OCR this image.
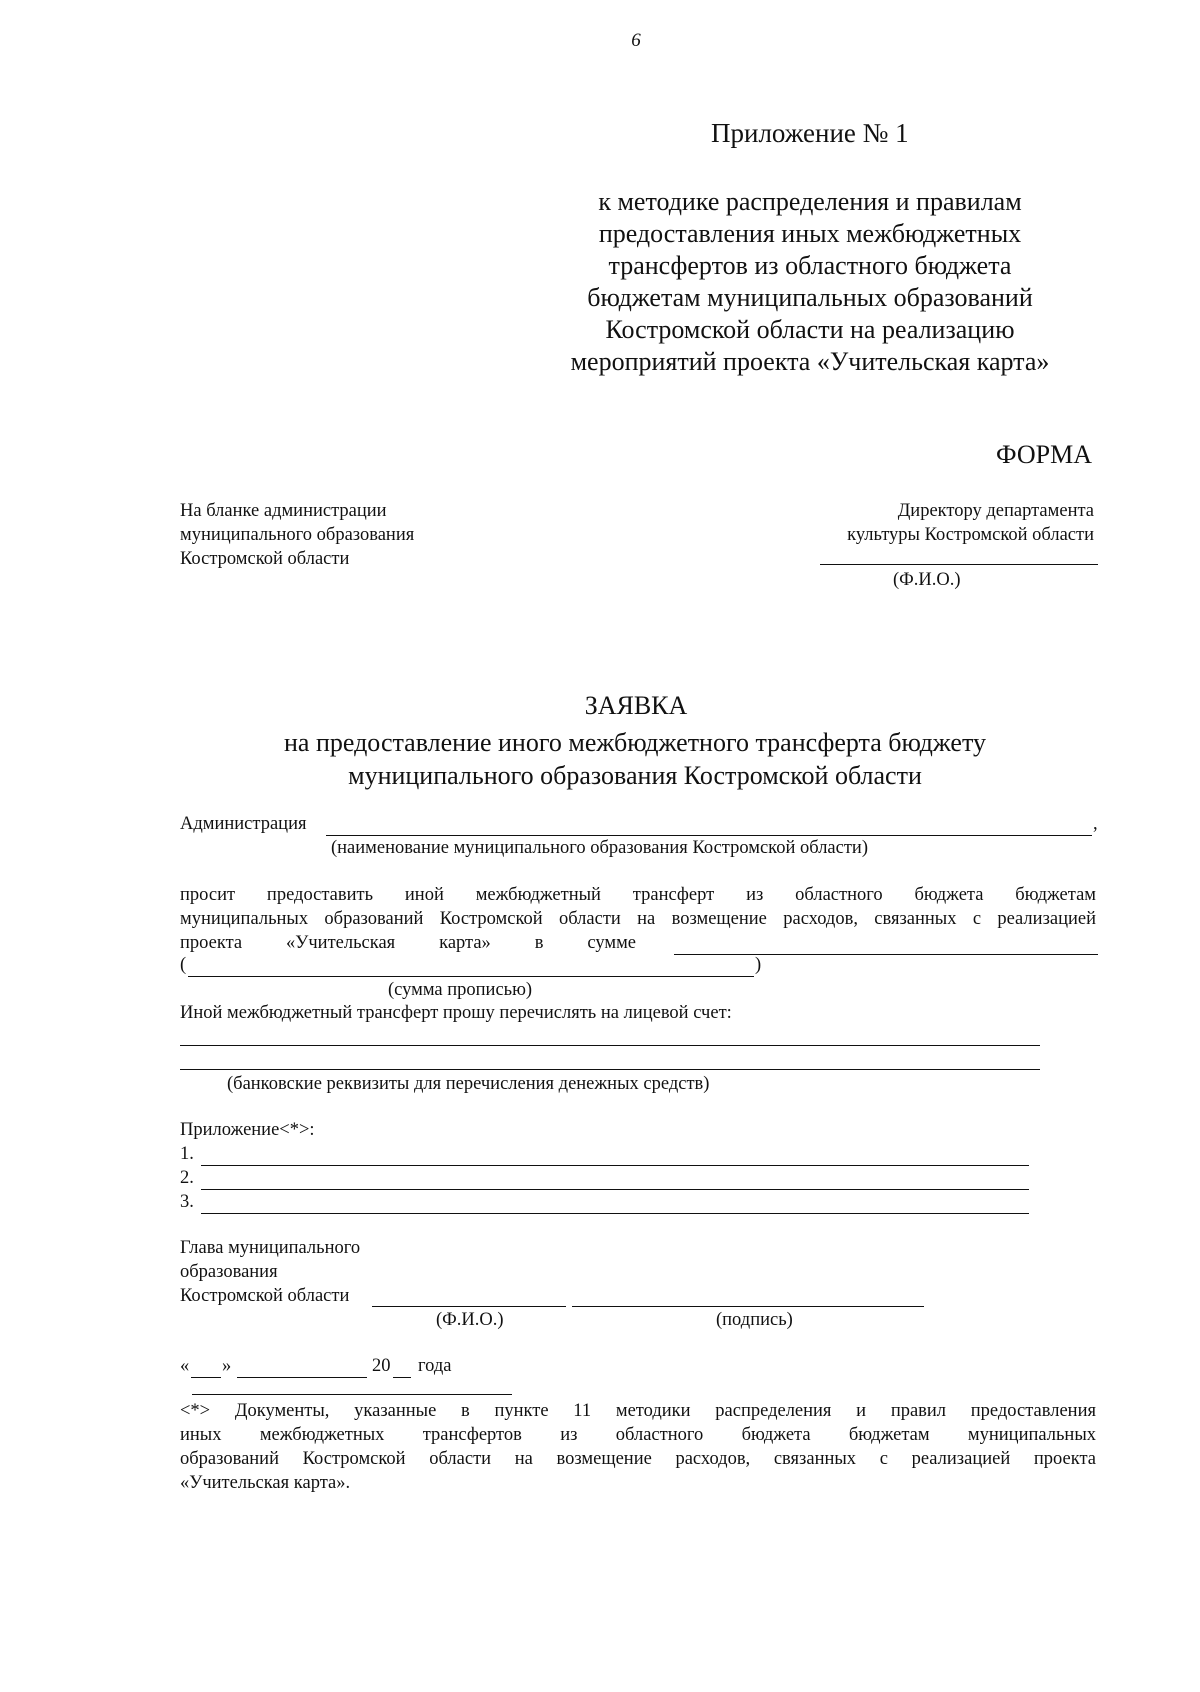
6
Приложение № 1
к методике распределения и правилам
предоставления иных межбюджетных
трансфертов из областного бюджета
бюджетам муниципальных образований
Костромской области на реализацию
мероприятий проекта «Учительская карта»
ФОРМА
На бланке администрации
муниципального образования
Костромской области
Директору департамента
культуры Костромской области
(Ф.И.О.)
ЗАЯВКА
на предоставление иного межбюджетного трансферта бюджету
муниципального образования Костромской области
Администрация	,
(наименование муниципального образования Костромской области)
просит предоставить иной межбюджетный трансферт из областного бюджета бюджетам
муниципальных образований Костромской области на возмещение расходов, связанных с реализацией
проекта «Учительская карта» в сумме
(	)
(сумма прописью)
Иной межбюджетный трансферт прошу перечислять на лицевой счет:
(банковские реквизиты для перечисления денежных средств)
Приложение<*>:
1.
2.
3.
Глава муниципального
образования
Костромской области
(Ф.И.О.)	(подпись)
« »	20 года
<*> Документы, указанные в пункте 11 методики распределения и правил предоставления
иных межбюджетных трансфертов из областного бюджета бюджетам муниципальных
образований Костромской области на возмещение расходов, связанных с реализацией проекта
«Учительская карта».
